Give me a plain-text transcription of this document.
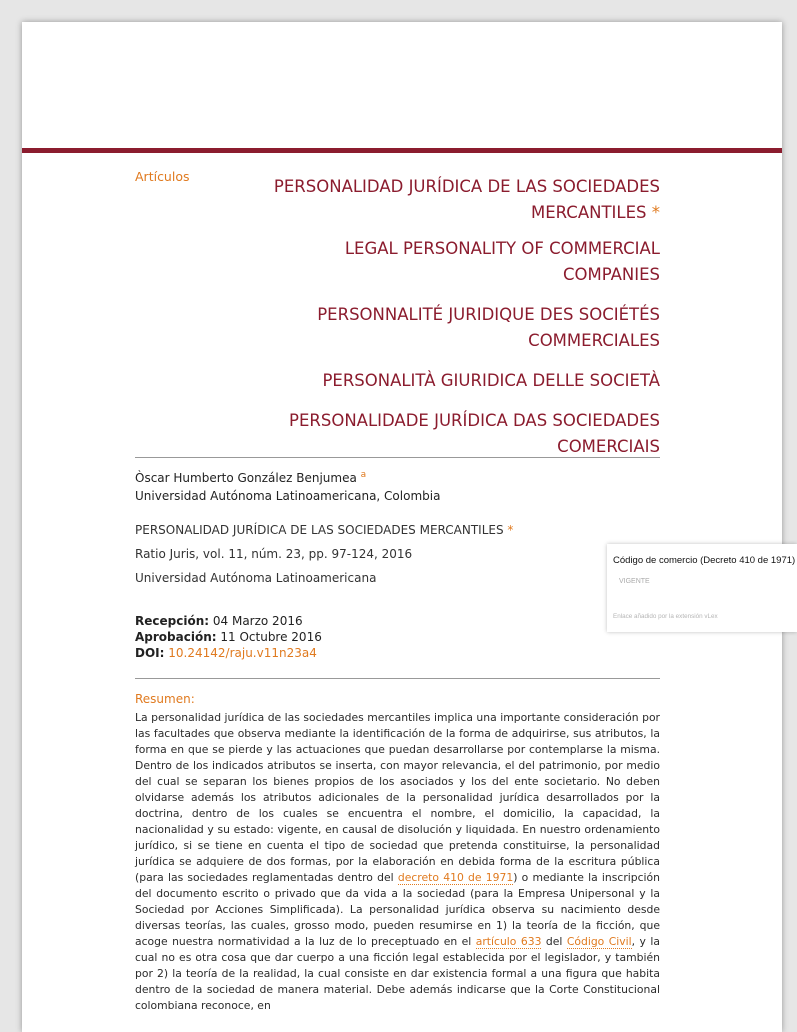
Artículos

PERSONALIDAD JURÍDICA DE LAS SOCIEDADES MERCANTILES *

LEGAL PERSONALITY OF COMMERCIAL COMPANIES

PERSONNALITÉ JURIDIQUE DES SOCIÉTÉS COMMERCIALES

PERSONALITÀ GIURIDICA DELLE SOCIETÀ

PERSONALIDADE JURÍDICA DAS SOCIEDADES COMERCIAIS

Òscar Humberto González Benjumea $^a$
Universidad Autónoma Latinoamericana, Colombia
PERSONALIDAD JURÍDICA DE LAS SOCIEDADES MERCANTILES *
Ratio Juris, vol. 11, núm. 23, pp. 97-124, 2016
Universidad Autónoma Latinoamericana
Recepción: 04 Marzo 2016
Aprobación: 11 Octubre 2016
DOI: 10.24142/raju.v11n23a4
Resumen:
La personalidad jurídica de las sociedades mercantiles implica una importante consideración por las facultades que observa mediante la identificación de la forma de adquirirse, sus atributos, la forma en que se pierde y las actuaciones que puedan desarrollarse por contemplarse la misma. Dentro de los indicados atributos se inserta, con mayor relevancia, el del patrimonio, por medio del cual se separan los bienes propios de los asociados y los del ente societario. No deben olvidarse además los atributos adicionales de la personalidad jurídica desarrollados por la doctrina, dentro de los cuales se encuentra el nombre, el domicilio, la capacidad, la nacionalidad y su estado: vigente, en causal de disolución y liquidada. En nuestro ordenamiento jurídico, si se tiene en cuenta el tipo de sociedad que pretenda constituirse, la personalidad jurídica se adquiere de dos formas, por la elaboración en debida forma de la escritura pública (para las sociedades reglamentadas dentro del decreto 410 de 1971) o mediante la inscripción del documento escrito o privado que da vida a la sociedad (para la Empresa Unipersonal y la Sociedad por Acciones Simplificada). La personalidad jurídica observa su nacimiento desde diversas teorías, las cuales, grosso modo, pueden resumirse en 1) la teoría de la ficción, que acoge nuestra normatividad a la luz de lo preceptuado en el artículo 633 del Código Civil, y la cual no es otra cosa que dar cuerpo a una ficción legal establecida por el legislador, y también por 2) la teoría de la realidad, la cual consiste en dar existencia formal a una figura que habita dentro de la sociedad de manera material. Debe además indicarse que la Corte Constitucional colombiana reconoce, en
Código de comercio (Decreto 410 de 1971)
VIGENTE
Enlace añadido por la extensión vLex
